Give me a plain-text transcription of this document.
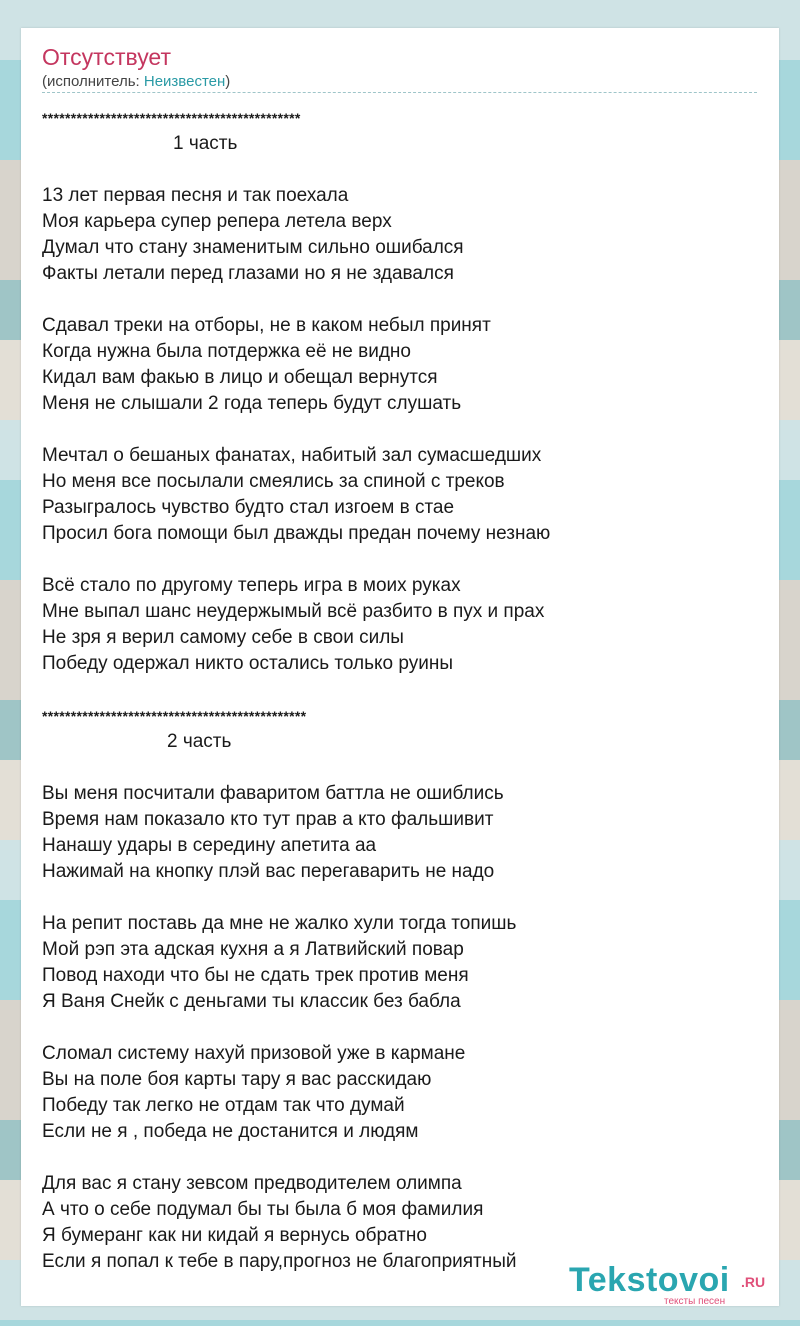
Отсутствует
(исполнитель: Неизвестен)
*********************************************
1 часть
13 лет первая песня и так поехала
Моя карьера супер репера летела верх
Думал что стану знаменитым сильно ошибался
Факты летали перед глазами но я не здавался
Сдавал треки на отборы, не в каком небыл принят
Когда нужна была потдержка её не видно
Кидал вам факью в лицо и обещал вернутся
Меня не слышали 2 года теперь будут слушать
Мечтал о бешаных фанатах, набитый зал сумасшедших
Но меня все посылали смеялись за спиной с треков
Разыгралось чувство будто стал изгоем в стае
Просил бога помощи был дважды предан почему незнаю
Всё стало по другому теперь игра в моих руках
Мне выпал шанс неудержымый всё разбито в пух и прах
Не зря я верил самому себе в свои силы
Победу одержал никто остались только руины
**********************************************
2 часть
Вы меня посчитали фаваритом баттла не ошиблись
Время нам показало кто тут прав а кто фальшивит
Нанашу удары в середину апетита аа
Нажимай на кнопку плэй вас перегаварить не надо
На репит поставь да мне не жалко хули тогда топишь
Мой рэп эта адская кухня а я Латвийский повар
Повод находи что бы не сдать трек против меня
Я Ваня Снейк с деньгами ты классик без бабла
Сломал систему нахуй призовой уже в кармане
Вы на поле боя карты тару я вас расскидаю
Победу так легко не отдам так что думай
Если не я , победа не достанится и людям
Для вас я стану зевсом предводителем олимпа
А что о себе подумал бы ты была б моя фамилия
Я бумеранг как ни кидай я вернусь обратно
Если я попал к тебе в пару,прогноз не благоприятный	Tekstovoi .RU
тексты песен
